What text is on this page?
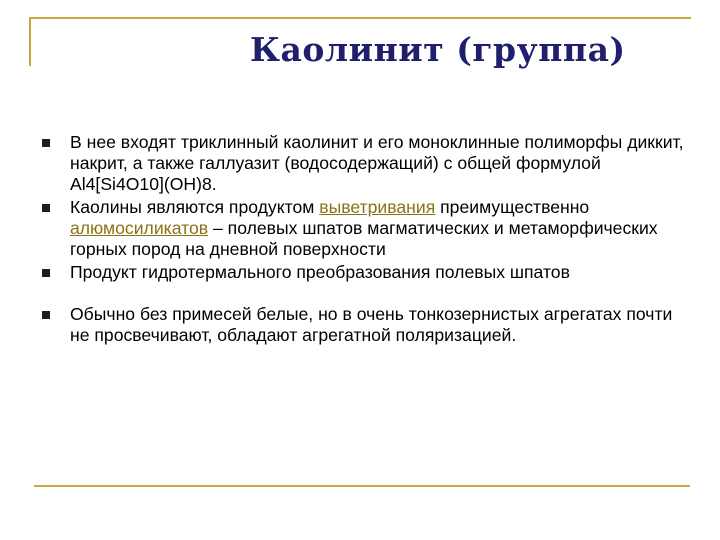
Каолинит (группа)
В нее входят триклинный каолинит и его моноклинные полиморфы диккит, накрит, а также галлуазит (водосодержащий) с общей формулой Al4[Si4O10](OH)8.
Каолины являются продуктом выветривания преимущественно алюмосиликатов – полевых шпатов магматических и метаморфических горных пород на дневной поверхности
Продукт гидротермального преобразования полевых шпатов
Обычно без примесей белые, но в очень тонкозернистых агрегатах почти не просвечивают, обладают агрегатной поляризацией.
